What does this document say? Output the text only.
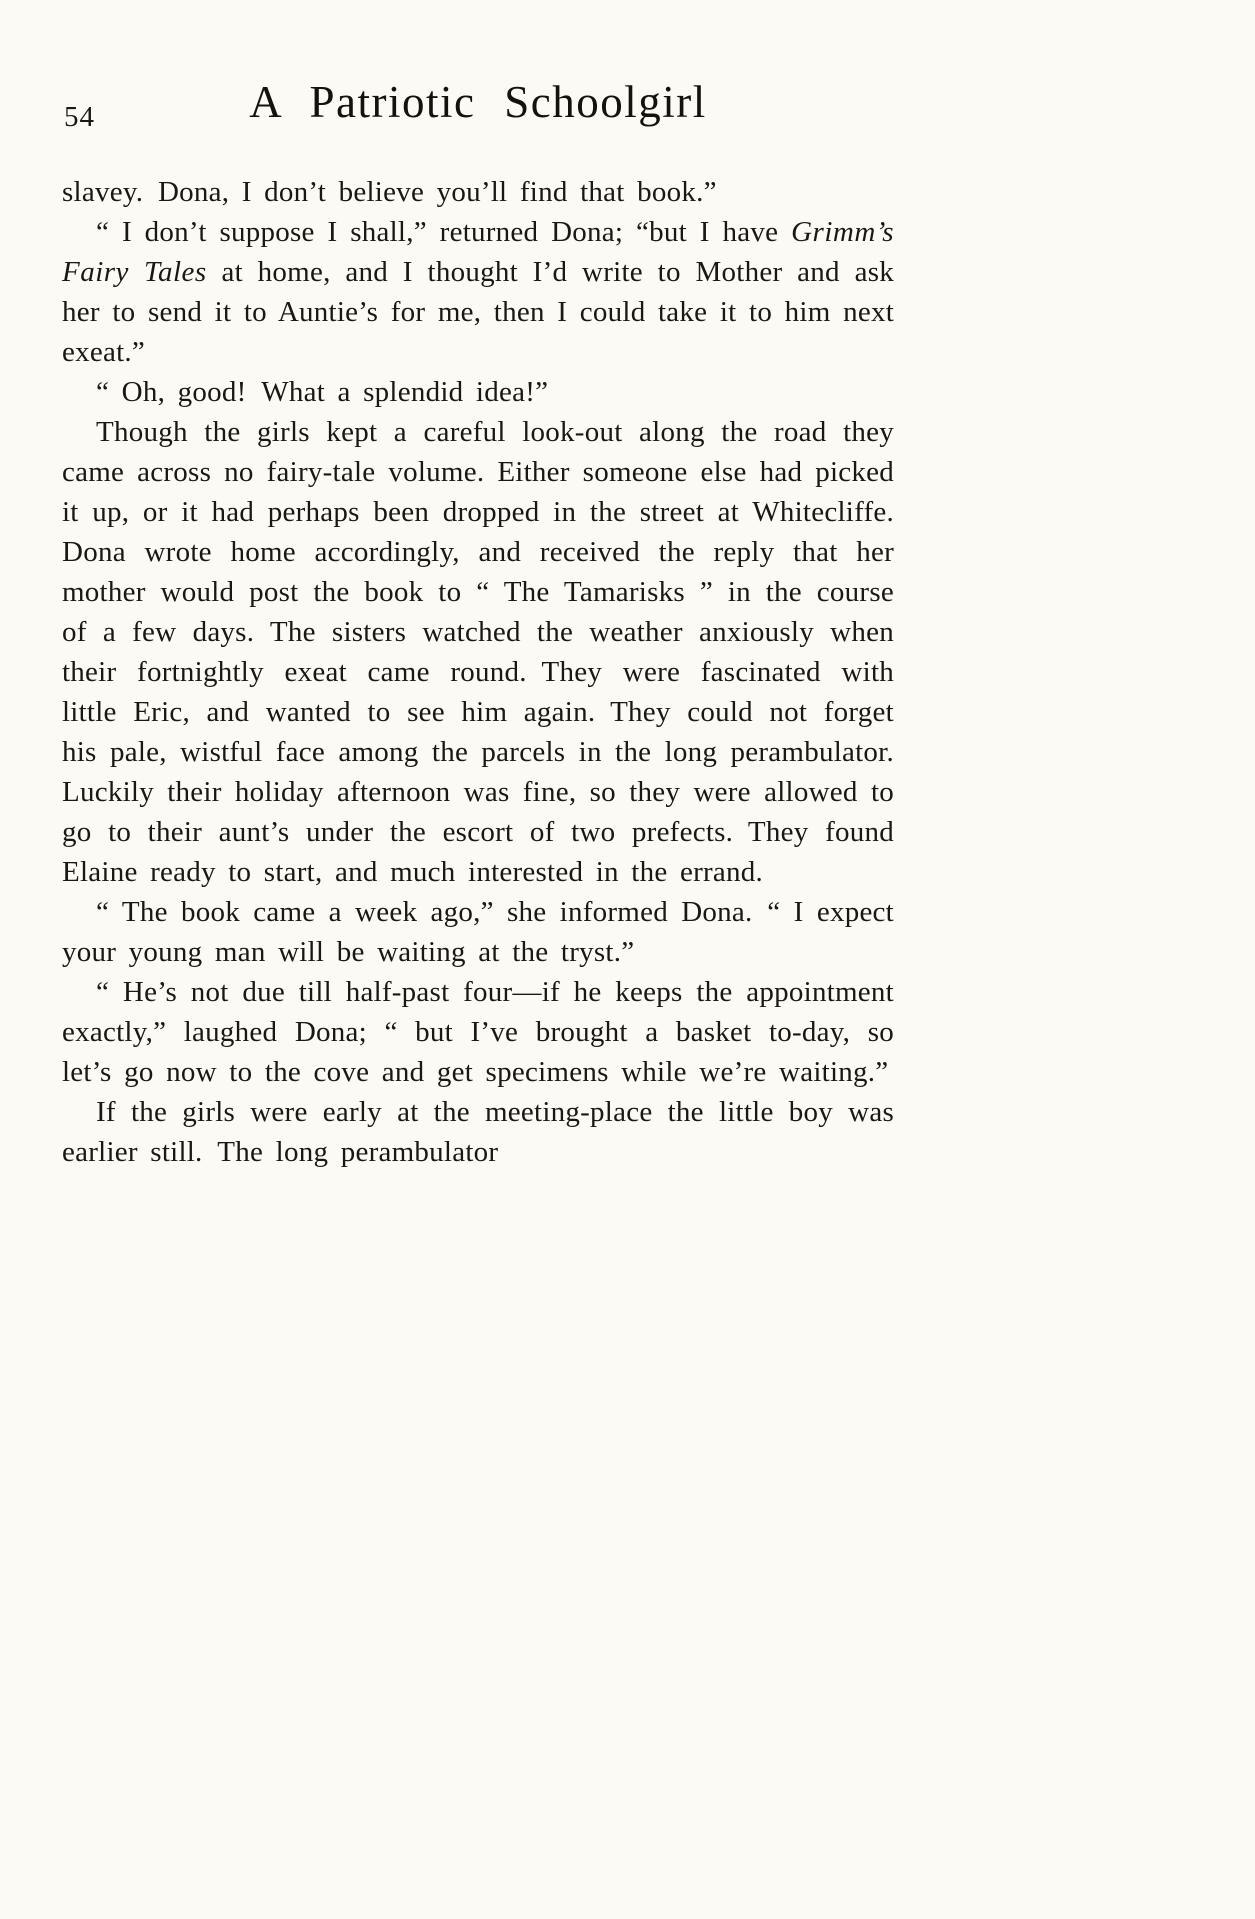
54	A Patriotic Schoolgirl

slavey. Dona, I don’t believe you’ll find that book.”

“ I don’t suppose I shall,” returned Dona; “but I have Grimm’s Fairy Tales at home, and I thought I’d write to Mother and ask her to send it to Auntie’s for me, then I could take it to him next exeat.”

“ Oh, good! What a splendid idea!”

Though the girls kept a careful look-out along the road they came across no fairy-tale volume. Either someone else had picked it up, or it had perhaps been dropped in the street at Whitecliffe. Dona wrote home accordingly, and received the reply that her mother would post the book to “ The Tamarisks ” in the course of a few days. The sisters watched the weather anxiously when their fortnightly exeat came round. They were fascinated with little Eric, and wanted to see him again. They could not forget his pale, wistful face among the parcels in the long perambulator. Luckily their holiday afternoon was fine, so they were allowed to go to their aunt’s under the escort of two prefects. They found Elaine ready to start, and much interested in the errand.

“ The book came a week ago,” she informed Dona. “ I expect your young man will be waiting at the tryst.”

“ He’s not due till half-past four—if he keeps the appointment exactly,” laughed Dona; “ but I’ve brought a basket to-day, so let’s go now to the cove and get specimens while we’re waiting.”

If the girls were early at the meeting-place the little boy was earlier still. The long perambulator
